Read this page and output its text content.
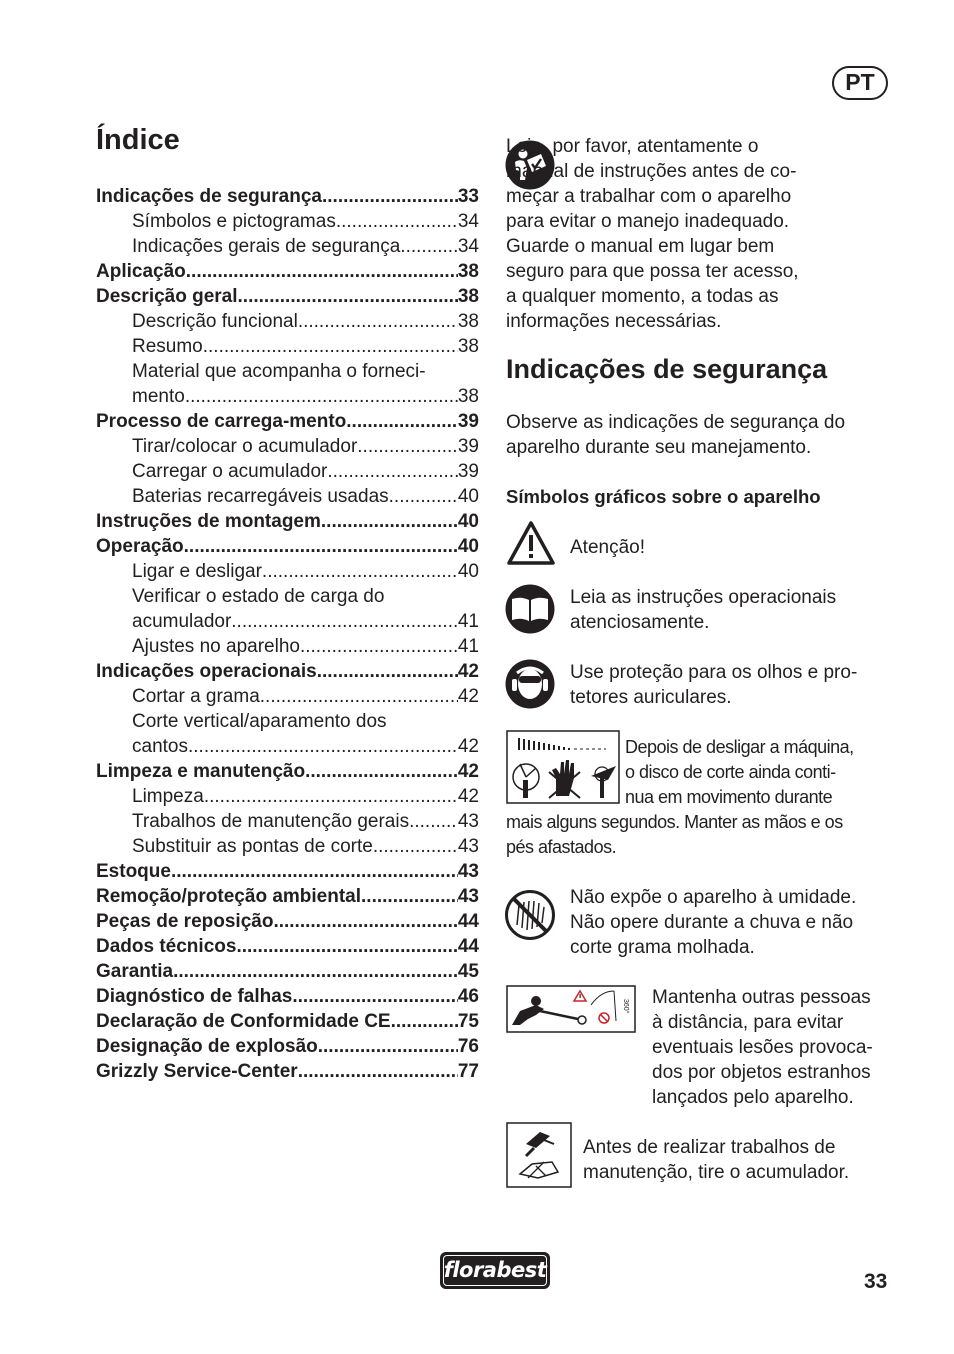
PT
Índice
Indicações de segurança .....	33
Símbolos e pictogramas .....	34
Indicações gerais de segurança .....	34
Aplicação .....	38
Descrição geral .....	38
Descrição funcional .....	38
Resumo .....	38
Material que acompanha o forneci-
mento .....	38
Processo de carrega-mento .....	39
Tirar/colocar o acumulador .....	39
Carregar o acumulador .....	39
Baterias recarregáveis usadas .....	40
Instruções de montagem .....	40
Operação .....	40
Ligar e desligar .....	40
Verificar o estado de carga do
acumulador .....	41
Ajustes no aparelho .....	41
Indicações operacionais .....	42
Cortar a grama .....	42
Corte vertical/aparamento dos
cantos .....	42
Limpeza e manutenção .....	42
Limpeza .....	42
Trabalhos de manutenção gerais .....	43
Substituir as pontas de corte .....	43
Estoque .....	43
Remoção/proteção ambiental .....	43
Peças de reposição .....	44
Dados técnicos .....	44
Garantia .....	45
Diagnóstico de falhas .....	46
Declaração de Conformidade CE .....	75
Designação de explosão .....	76
Grizzly Service-Center .....	77
Leia, por favor, atentamente o
manual de instruções antes de co-
meçar a trabalhar com o aparelho
para evitar o manejo inadequado.
Guarde o manual em lugar bem
seguro para que possa ter acesso,
a qualquer momento, a todas as
informações necessárias.
Indicações de segurança
Observe as indicações de segurança do
aparelho durante seu manejamento.
Símbolos gráficos sobre o aparelho
Atenção!
Leia as instruções operacionais
atenciosamente.
Use proteção para os olhos e pro-
tetores auriculares.
Depois de desligar a máquina,
o disco de corte ainda conti-
nua em movimento durante
mais alguns segundos. Manter as mãos e os
pés afastados.
Não expõe o aparelho à umidade.
Não opere durante a chuva e não
corte grama molhada.
360° Mantenha outras pessoas
à distância, para evitar
eventuais lesões provoca-
dos por objetos estranhos
lançados pelo aparelho.
Antes de realizar trabalhos de
manutenção, tire o acumulador.
florabest	33
